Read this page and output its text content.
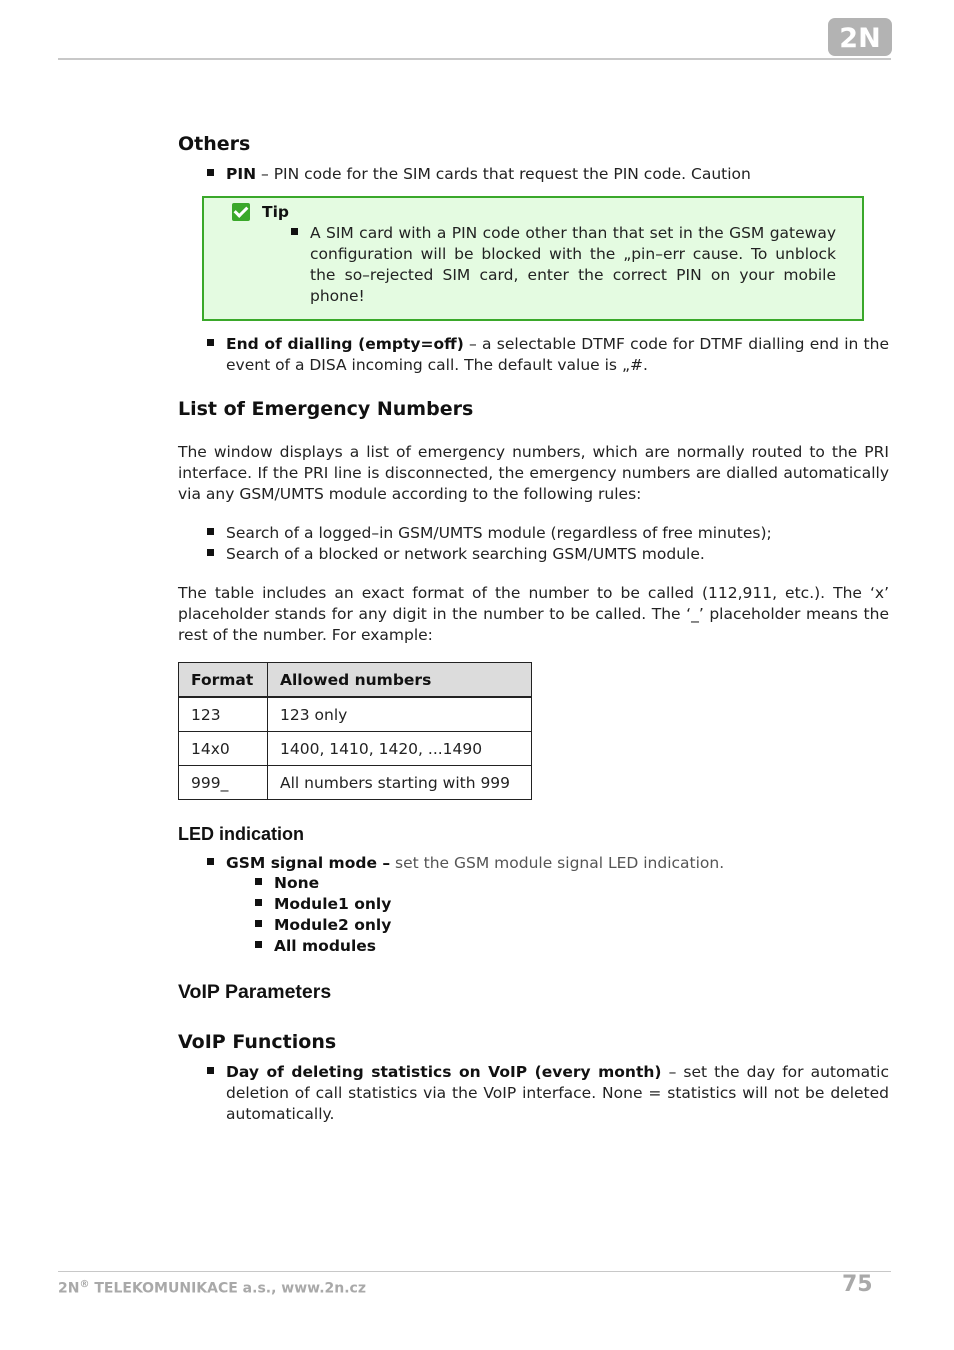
2N
Others
PIN – PIN code for the SIM cards that request the PIN code. Caution
Tip
A SIM card with a PIN code other than that set in the GSM gateway configuration will be blocked with the „pin–err cause. To unblock the so–rejected SIM card, enter the correct PIN on your mobile phone!
End of dialling (empty=off) – a selectable DTMF code for DTMF dialling end in the event of a DISA incoming call. The default value is „#.
List of Emergency Numbers
The window displays a list of emergency numbers, which are normally routed to the PRI interface. If the PRI line is disconnected, the emergency numbers are dialled automatically via any GSM/UMTS module according to the following rules:
Search of a logged–in GSM/UMTS module (regardless of free minutes);
Search of a blocked or network searching GSM/UMTS module.
The table includes an exact format of the number to be called (112,911, etc.). The ‘x’ placeholder stands for any digit in the number to be called. The ‘_’ placeholder means the rest of the number. For example:
LED indication
GSM signal mode – set the GSM module signal LED indication.
None
Module1 only
Module2 only
All modules
VoIP Parameters
VoIP Functions
Day of deleting statistics on VoIP (every month) – set the day for automatic deletion of call statistics via the VoIP interface. None = statistics will not be deleted automatically.
Format	Allowed numbers
123	123 only
14x0	1400, 1410, 1420, ...1490
999_	All numbers starting with 999
2N® TELEKOMUNIKACE a.s., www.2n.cz	75
